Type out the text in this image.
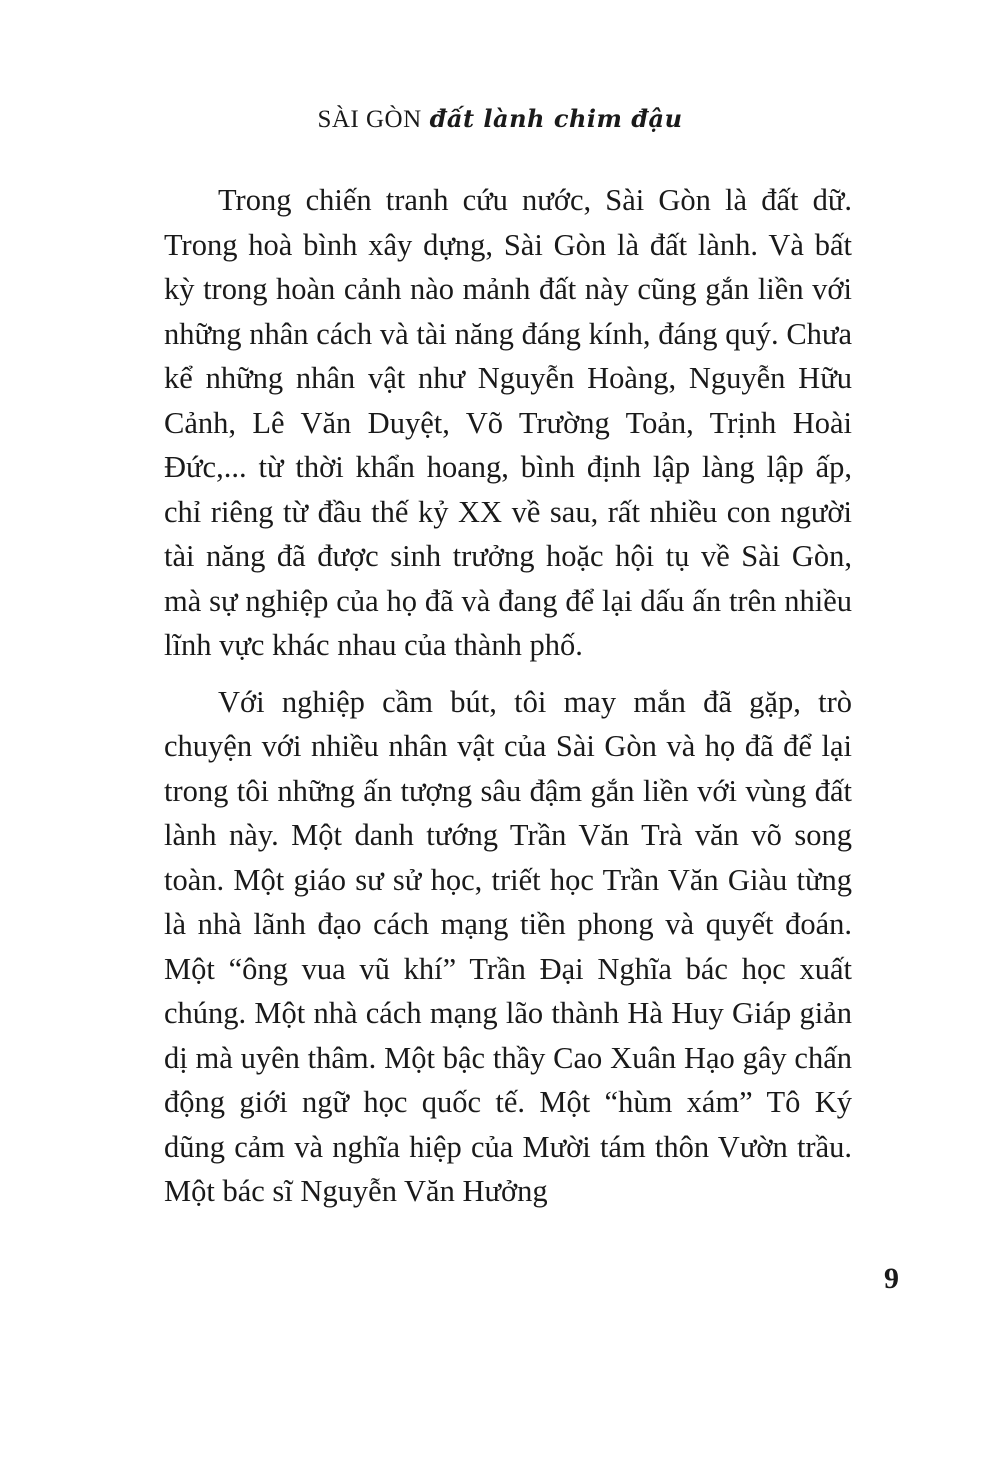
SÀI GÒN đất lành chim đậu

Trong chiến tranh cứu nước, Sài Gòn là đất dữ. Trong hoà bình xây dựng, Sài Gòn là đất lành. Và bất kỳ trong hoàn cảnh nào mảnh đất này cũng gắn liền với những nhân cách và tài năng đáng kính, đáng quý. Chưa kể những nhân vật như Nguyễn Hoàng, Nguyễn Hữu Cảnh, Lê Văn Duyệt, Võ Trường Toản, Trịnh Hoài Đức,... từ thời khẩn hoang, bình định lập làng lập ấp, chỉ riêng từ đầu thế kỷ XX về sau, rất nhiều con người tài năng đã được sinh trưởng hoặc hội tụ về Sài Gòn, mà sự nghiệp của họ đã và đang để lại dấu ấn trên nhiều lĩnh vực khác nhau của thành phố.

Với nghiệp cầm bút, tôi may mắn đã gặp, trò chuyện với nhiều nhân vật của Sài Gòn và họ đã để lại trong tôi những ấn tượng sâu đậm gắn liền với vùng đất lành này. Một danh tướng Trần Văn Trà văn võ song toàn. Một giáo sư sử học, triết học Trần Văn Giàu từng là nhà lãnh đạo cách mạng tiền phong và quyết đoán. Một “ông vua vũ khí” Trần Đại Nghĩa bác học xuất chúng. Một nhà cách mạng lão thành Hà Huy Giáp giản dị mà uyên thâm. Một bậc thầy Cao Xuân Hạo gây chấn động giới ngữ học quốc tế. Một “hùm xám” Tô Ký dũng cảm và nghĩa hiệp của Mười tám thôn Vườn trầu. Một bác sĩ Nguyễn Văn Hưởng

9
